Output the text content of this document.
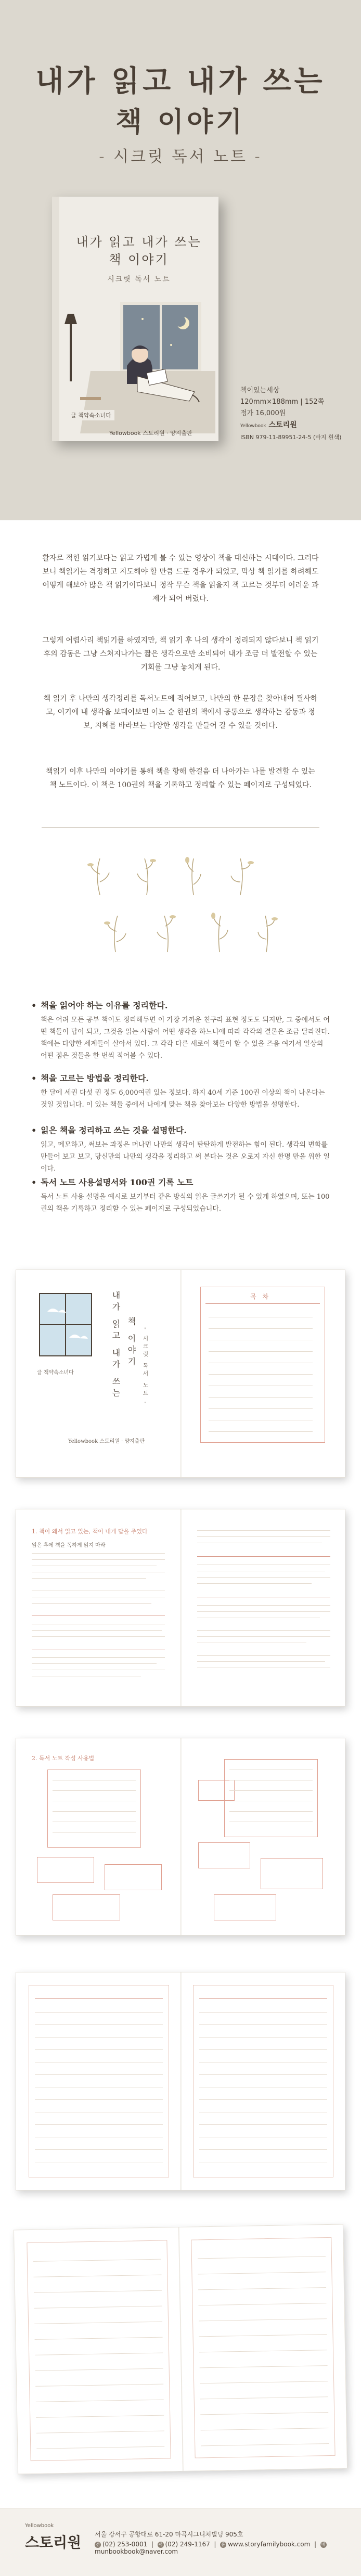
내가 읽고 내가 쓰는
책 이야기
- 시크릿 독서 노트 -
내가 읽고 내가 쓰는
책 이야기
시크릿 독서 노트
글 책약속소녀다
Yellowbook 스토리원 · 양지출판
책이있는세상
120mm×188mm | 152쪽
정가 16,000원
Yellowbook 스토리원
ISBN 979-11-89951-24-5 (바지 흰색)

활자로 적힌 읽기보다는 읽고 가볍게 볼 수 있는 영상이 책을 대신하는 시대이다. 그러다보니 책읽기는 격정하고 지도해야 할 만큼 드문 경우가 되었고, 막상 책 읽기를 하려해도 어떻게 해보야 많은 책 읽기이다보니 정작 무슨 책을 읽을지 책 고르는 것부터 어려운 과제가 되어 버렸다.

그렇게 어렵사리 책읽기를 하였지만, 책 읽기 후 나의 생각이 정리되지 않다보니 책 읽기 후의 감동은 그냥 스쳐지나가는 짧은 생각으로만 소비되어 내가 조금 더 발전할 수 있는 기회를 그냥 놓치게 된다.

책 읽기 후 나만의 생각정리를 독서노트에 적어보고, 나만의 한 문장을 찾아내어 필사하고, 여기에 내 생각을 보태어보면 어느 순 한권의 책에서 공통으로 생각하는 감동과 정보, 지혜를 바라보는 다양한 생각을 만들어 갈 수 있을 것이다.

책읽기 이후 나만의 이야기를 통해 책을 향해 한걸음 더 나아가는 나를 발견할 수 있는 책 노트이다. 이 책은 100권의 책을 기록하고 정리할 수 있는 페이지로 구성되었다.

• 책을 읽어야 하는 이유를 정리한다.

책은 어려 모든 공부 책이도 정리해두면 이 가장 가까운 친구라 표현 정도도 되지만, 그 중에서도 어떤 책들이 답이 되고, 그것을 읽는 사람이 어떤 생각을 하느냐에 따라 각각의 결론은 조금 달라진다. 책에는 다양한 세계들이 살아서 있다. 그 각각 다른 새로이 책들이 할 수 있을 즈음 여기서 일상의 어떤 점은 것들을 한 번씩 적어볼 수 있다.

• 책을 고르는 방법을 정리한다.

한 달에 세권 다섯 권 정도 6,000여권 있는 정보다. 하지 40세 기준 100권 이상의 책이 나온다는 것일 것입니다. 이 있는 책들 중에서 나에게 맞는 책을 찾아보는 다양한 방법을 설명한다.

• 읽은 책을 정리하고 쓰는 것을 설명한다.

읽고, 메모하고, 써보는 과정은 머나먼 나만의 생각이 탄탄하게 발전하는 힘이 된다. 생각의 변화를 만들어 보고 보고, 당신만의 나만의 생각을 정리하고 써 본다는 것은 오로지 자신 한명 만을 위한 일이다.

• 독서 노트 사용설명서와 100권 기록 노트

독서 노트 사용 설명을 예시로 보기부터 같은 방식의 읽은 글쓰기가 될 수 있게 하였으며, 또는 100권의 책을 기록하고 정리할 수 있는 페이지로 구성되었습니다.

내가 읽고 내가 쓰는 책 이야기 - 시크릿 독서 노트 -
글 책약속소녀다
Yellowbook 스토리원 · 양지출판
목 차
1. 책이 왜서 읽고 있는, 책이 내게 답을 주었다
읽은 후에 책을 독하게 읽지 마라
2. 독서 노트 작성 사용법
Yellowbook
스토리원 서울 강서구 공항대로 61-20 마곡시그니처빌딩 905호
전 (02) 253-0001  |  팩 (02) 249-1167  |  홈 www.storyfamilybook.com  |  메munbookbook@naver.com
